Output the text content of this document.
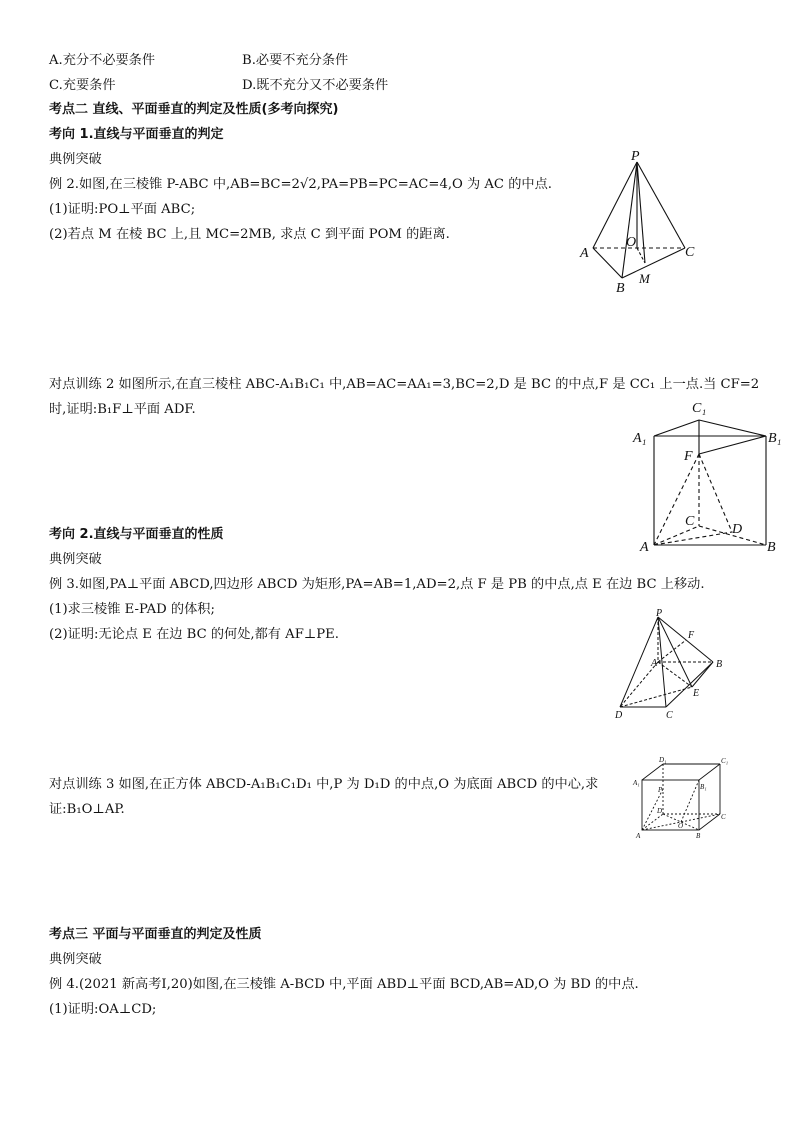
A.充分不必要条件	B.必要不充分条件
C.充要条件	D.既不充分又不必要条件
考点二 直线、平面垂直的判定及性质(多考向探究)
考向 1.直线与平面垂直的判定
典例突破
例 2.如图,在三棱锥 P-ABC 中,AB=BC=2√2,PA=PB=PC=AC=4,O 为 AC 的中点.
(1)证明:PO⊥平面 ABC;
(2)若点 M 在棱 BC 上,且 MC=2MB, 求点 C 到平面 POM 的距离.
对点训练 2 如图所示,在直三棱柱 ABC-A₁B₁C₁ 中,AB=AC=AA₁=3,BC=2,D 是 BC 的中点,F 是 CC₁ 上一点.当 CF=2
时,证明:B₁F⊥平面 ADF.
考向 2.直线与平面垂直的性质
典例突破
例 3.如图,PA⊥平面 ABCD,四边形 ABCD 为矩形,PA=AB=1,AD=2,点 F 是 PB 的中点,点 E 在边 BC 上移动.
(1)求三棱锥 E-PAD 的体积;
(2)证明:无论点 E 在边 BC 的何处,都有 AF⊥PE.
对点训练 3 如图,在正方体 ABCD-A₁B₁C₁D₁ 中,P 为 D₁D 的中点,O 为底面 ABCD 的中心,求
证:B₁O⊥AP.
考点三 平面与平面垂直的判定及性质
典例突破
例 4.(2021 新高考Ⅰ,20)如图,在三棱锥 A-BCD 中,平面 ABD⊥平面 BCD,AB=AD,O 为 BD 的中点.
(1)证明:OA⊥CD;
P
A
B
C
O
M
C₁
A₁	B₁
F
C
D
A	B
P
F
A	B
E
D	C
D₁	C₁
A₁	B₁
P
D
C
O
A	B
